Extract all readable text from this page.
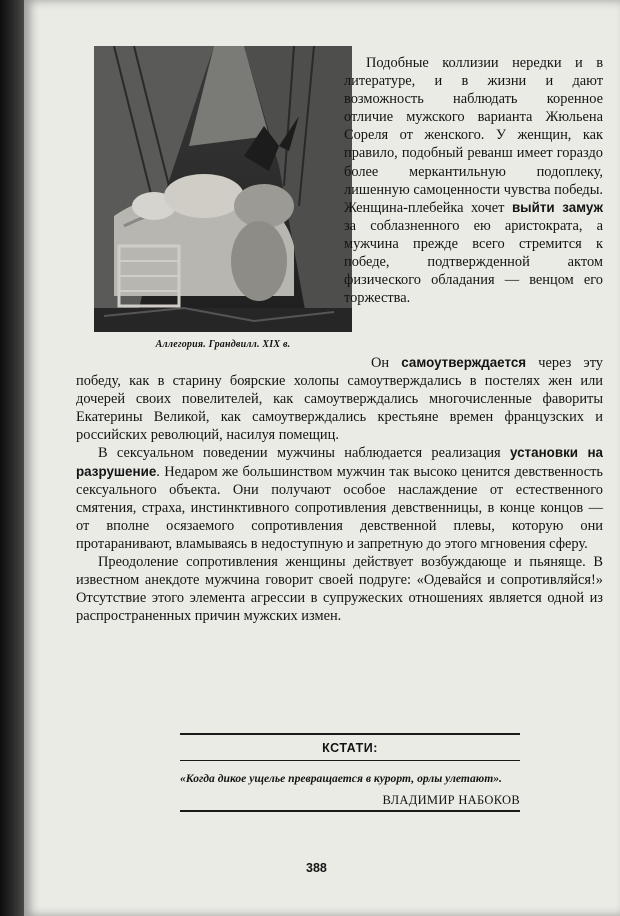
Аллегория. Грандвилл. XIX в.

Подобные коллизии нередки и в литературе, и в жизни и дают возможность наблюдать коренное отличие мужского варианта Жюльена Сореля от женского. У женщин, как правило, подобный реванш имеет гораздо более меркантильную подоплеку, лишенную самоценности чувства победы. Женщина-плебейка хочет выйти замуж за соблазненного ею аристократа, а мужчина прежде всего стремится к победе, подтвержденной актом физического обладания — венцом его торжества.

Он самоутверждается через эту победу, как в старину боярские холопы самоутверждались в постелях жен или дочерей своих повелителей, как самоутверждались многочисленные фавориты Екатерины Великой, как самоутверждались крестьяне времен французских и российских революций, насилуя помещиц.

В сексуальном поведении мужчины наблюдается реализация установки на разрушение. Недаром же большинством мужчин так высоко ценится девственность сексуального объекта. Они получают особое наслаждение от естественного смятения, страха, инстинктивного сопротивления девственницы, в конце концов — от вполне осязаемого сопротивления девственной плевы, которую они протаранивают, вламываясь в недоступную и запретную до этого мгновения сферу.

Преодоление сопротивления женщины действует возбуждающе и пьяняще. В известном анекдоте мужчина говорит своей подруге: «Одевайся и сопротивляйся!» Отсутствие этого элемента агрессии в супружеских отношениях является одной из распространенных причин мужских измен.

КСТАТИ:
«Когда дикое ущелье превращается в курорт, орлы улетают».
ВЛАДИМИР НАБОКОВ
388
